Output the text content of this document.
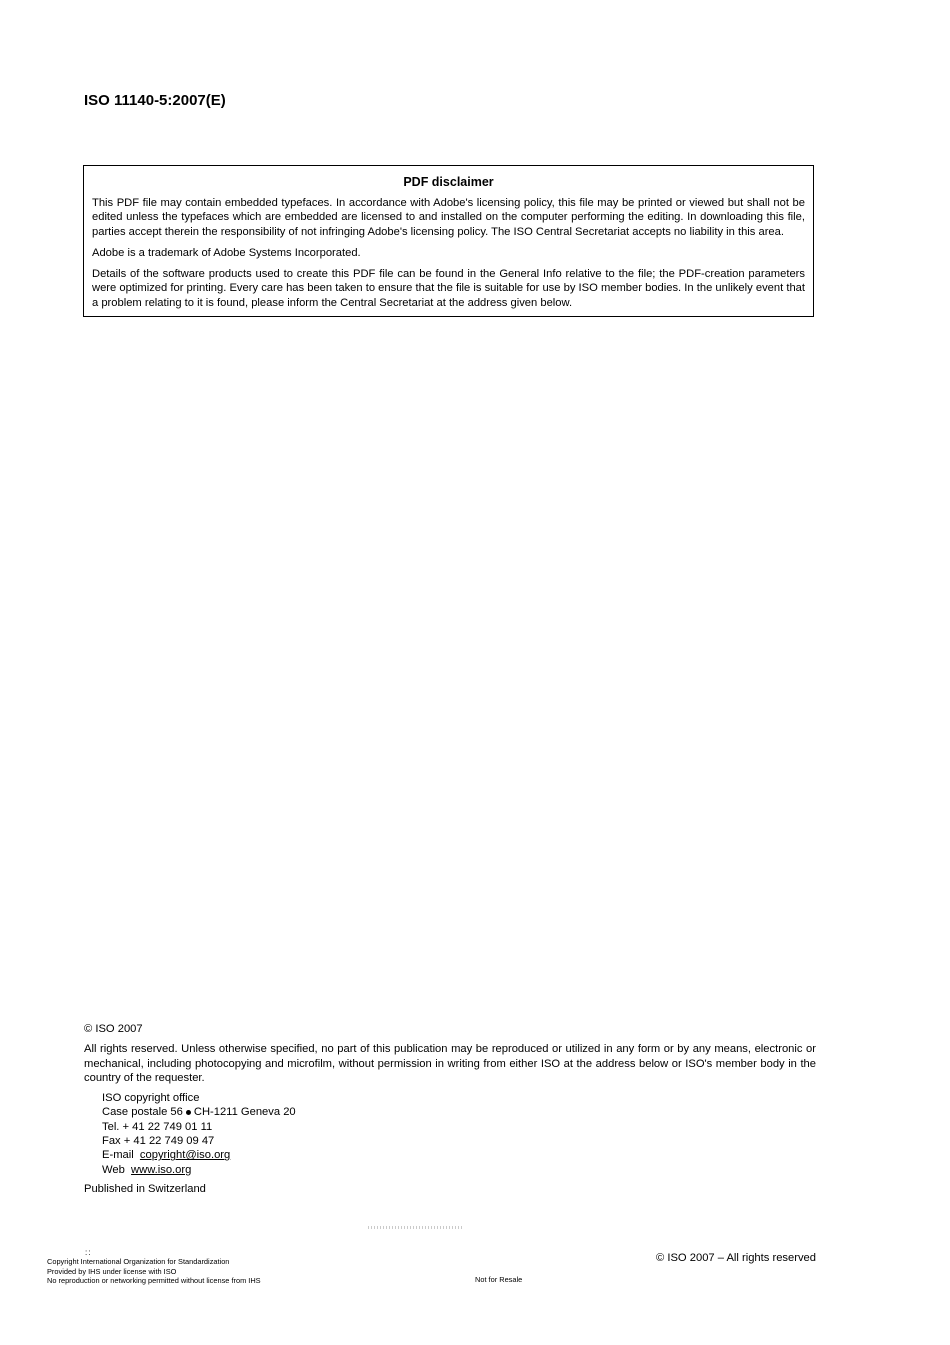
ISO 11140-5:2007(E)
PDF disclaimer

This PDF file may contain embedded typefaces. In accordance with Adobe's licensing policy, this file may be printed or viewed but shall not be edited unless the typefaces which are embedded are licensed to and installed on the computer performing the editing. In downloading this file, parties accept therein the responsibility of not infringing Adobe's licensing policy. The ISO Central Secretariat accepts no liability in this area.

Adobe is a trademark of Adobe Systems Incorporated.

Details of the software products used to create this PDF file can be found in the General Info relative to the file; the PDF-creation parameters were optimized for printing. Every care has been taken to ensure that the file is suitable for use by ISO member bodies. In the unlikely event that a problem relating to it is found, please inform the Central Secretariat at the address given below.

© ISO 2007
All rights reserved. Unless otherwise specified, no part of this publication may be reproduced or utilized in any form or by any means, electronic or mechanical, including photocopying and microfilm, without permission in writing from either ISO at the address below or ISO's member body in the country of the requester.
ISO copyright office
Case postale 56 CH-1211 Geneva 20
Tel. + 41 22 749 01 11
Fax + 41 22 749 09 47
E-mail copyright@iso.org
Web www.iso.org
Published in Switzerland
::
Copyright International Organization for Standardization
Provided by IHS under license with ISO
No reproduction or networking permitted without license from IHS	Not for Resale
© ISO 2007 – All rights reserved
